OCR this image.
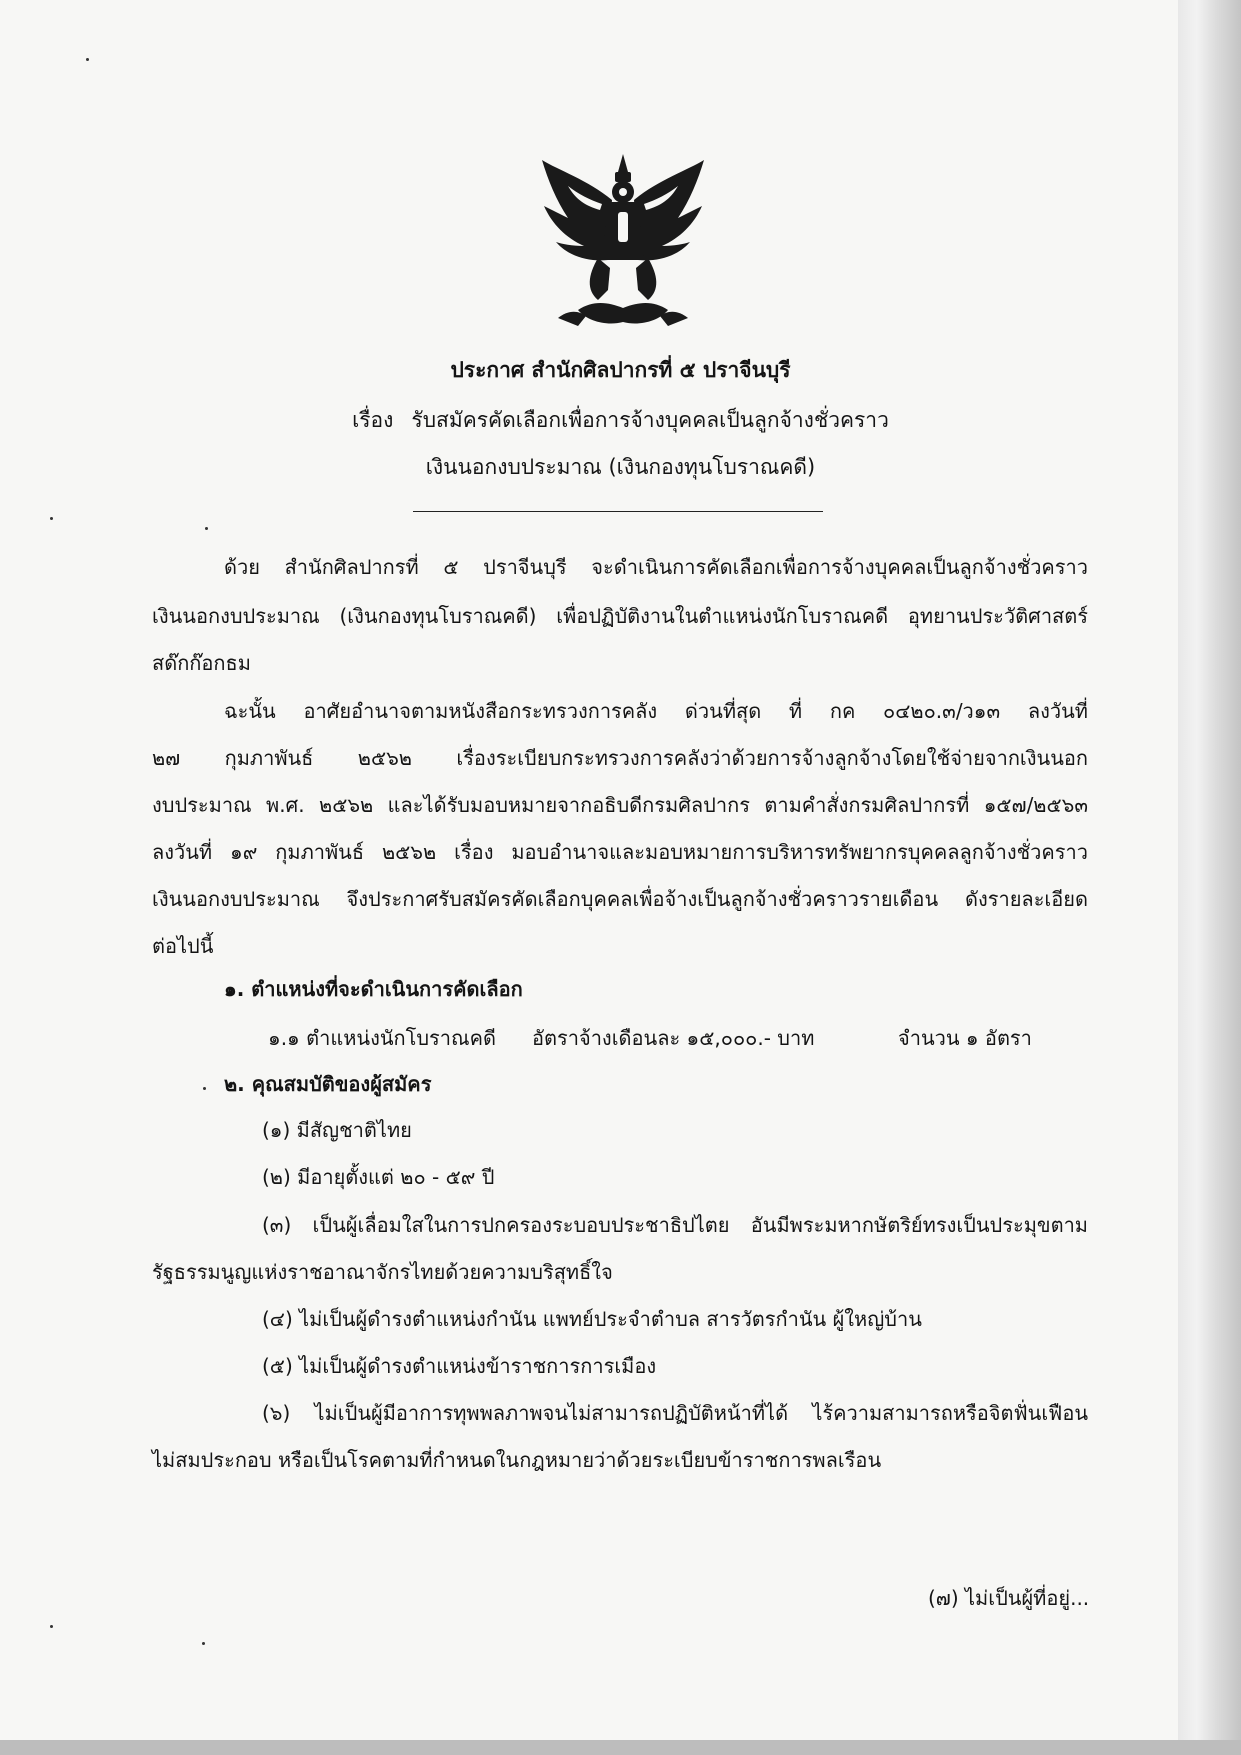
ประกาศ สำนักศิลปากรที่ ๕ ปราจีนบุรี
เรื่อง รับสมัครคัดเลือกเพื่อการจ้างบุคคลเป็นลูกจ้างชั่วคราว
เงินนอกงบประมาณ (เงินกองทุนโบราณคดี)
ด้วย สำนักศิลปากรที่ ๕ ปราจีนบุรี จะดำเนินการคัดเลือกเพื่อการจ้างบุคคลเป็นลูกจ้างชั่วคราว
เงินนอกงบประมาณ (เงินกองทุนโบราณคดี) เพื่อปฏิบัติงานในตำแหน่งนักโบราณคดี อุทยานประวัติศาสตร์
สด๊กก๊อกธม
ฉะนั้น อาศัยอำนาจตามหนังสือกระทรวงการคลัง ด่วนที่สุด ที่ กค ๐๔๒๐.๓/ว๑๓ ลงวันที่
๒๗ กุมภาพันธ์ ๒๕๖๒ เรื่องระเบียบกระทรวงการคลังว่าด้วยการจ้างลูกจ้างโดยใช้จ่ายจากเงินนอก
งบประมาณ พ.ศ. ๒๕๖๒ และได้รับมอบหมายจากอธิบดีกรมศิลปากร ตามคำสั่งกรมศิลปากรที่ ๑๕๗/๒๕๖๓
ลงวันที่ ๑๙ กุมภาพันธ์ ๒๕๖๒ เรื่อง มอบอำนาจและมอบหมายการบริหารทรัพยากรบุคคลลูกจ้างชั่วคราว
เงินนอกงบประมาณ จึงประกาศรับสมัครคัดเลือกบุคคลเพื่อจ้างเป็นลูกจ้างชั่วคราวรายเดือน ดังรายละเอียด
ต่อไปนี้
๑. ตำแหน่งที่จะดำเนินการคัดเลือก
๑.๑ ตำแหน่งนักโบราณคดี อัตราจ้างเดือนละ ๑๕,๐๐๐.- บาท	จำนวน ๑ อัตรา
๒. คุณสมบัติของผู้สมัคร
(๑) มีสัญชาติไทย
(๒) มีอายุตั้งแต่ ๒๐ - ๕๙ ปี
(๓) เป็นผู้เลื่อมใสในการปกครองระบอบประชาธิปไตย อันมีพระมหากษัตริย์ทรงเป็นประมุขตาม
รัฐธรรมนูญแห่งราชอาณาจักรไทยด้วยความบริสุทธิ์ใจ
(๔) ไม่เป็นผู้ดำรงตำแหน่งกำนัน แพทย์ประจำตำบล สารวัตรกำนัน ผู้ใหญ่บ้าน
(๕) ไม่เป็นผู้ดำรงตำแหน่งข้าราชการการเมือง
(๖) ไม่เป็นผู้มีอาการทุพพลภาพจนไม่สามารถปฏิบัติหน้าที่ได้ ไร้ความสามารถหรือจิตฟั่นเฟือน
ไม่สมประกอบ หรือเป็นโรคตามที่กำหนดในกฎหมายว่าด้วยระเบียบข้าราชการพลเรือน
(๗) ไม่เป็นผู้ที่อยู่...
